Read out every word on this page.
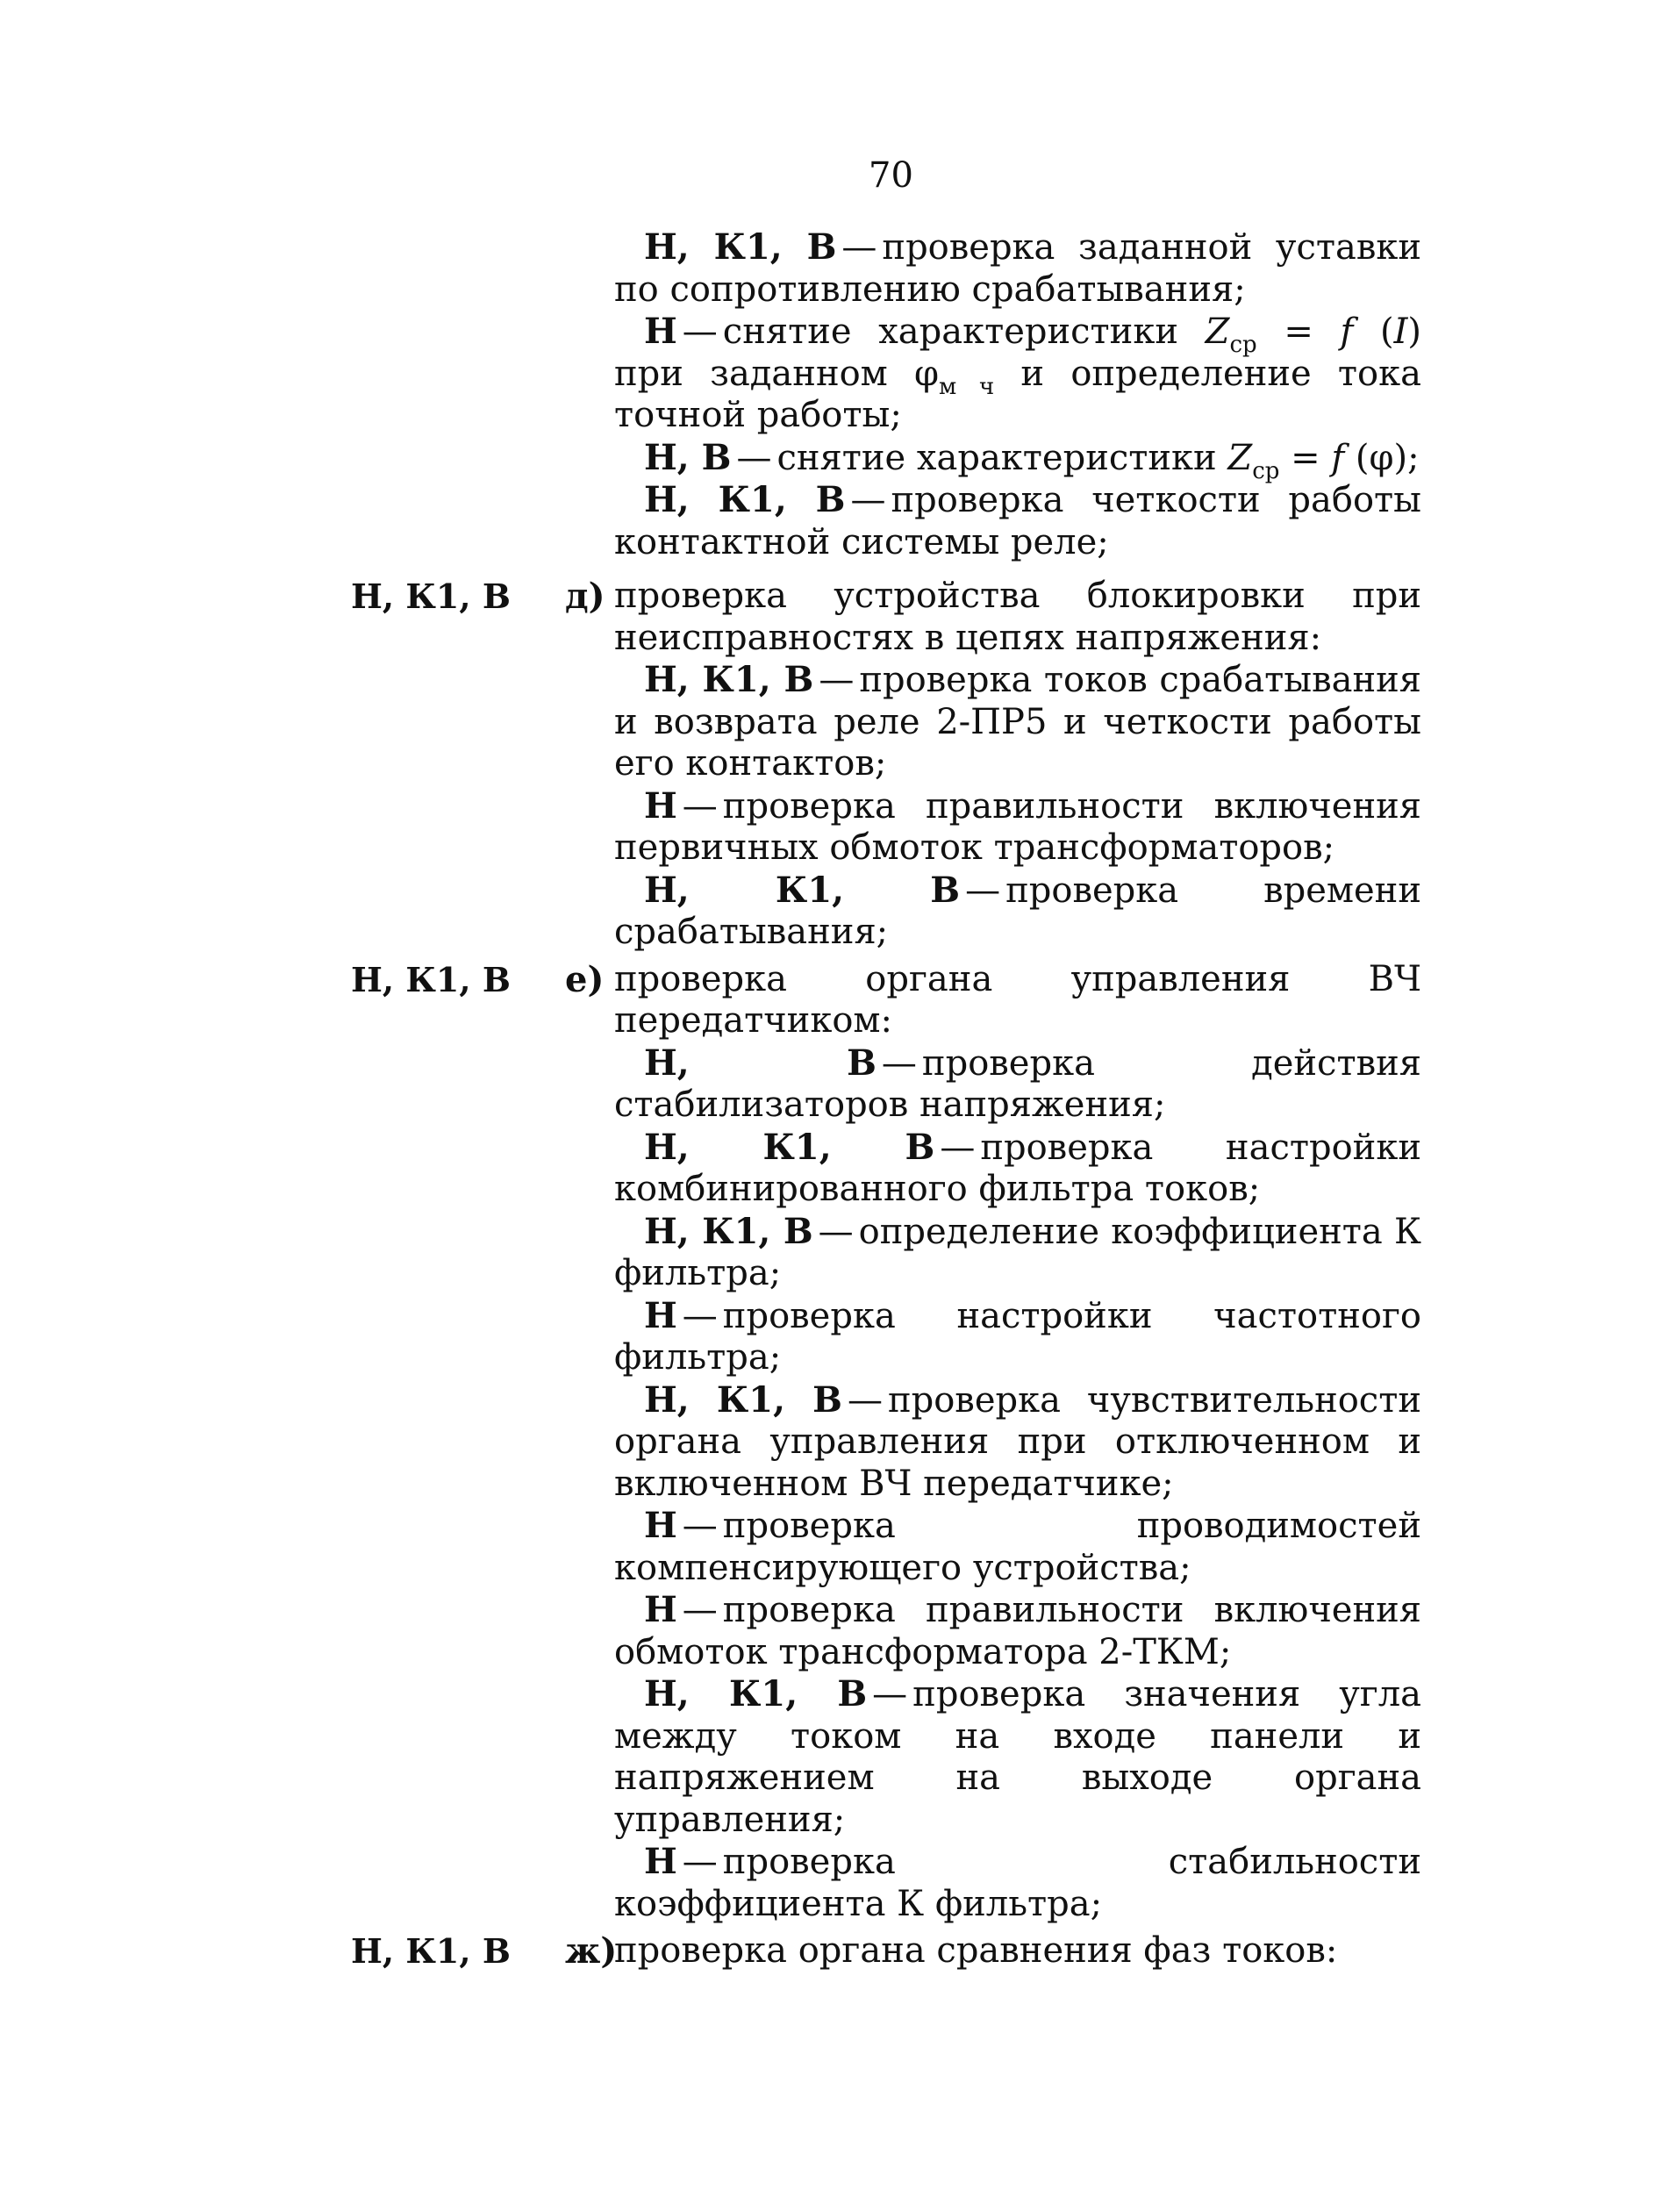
70

Н, К1, В — проверка заданной уставки по сопротивлению срабатывания;

Н — снятие характеристики $Z_{ср} = f$ (I) при заданном $\varphi_{м ч}$ и определение тока точной работы;

Н, В — снятие характеристики $Z_{ср} = f$ (φ);

Н, К1, В — проверка четкости работы контактной системы реле;

Н, К1, В	д) проверка устройства блокировки при неисправностях в цепях напряжения:

Н, К1, В — проверка токов срабатывания и возврата реле 2-ПР5 и четкости работы его контактов;

Н — проверка правильности включения первичных обмоток трансформаторов;

Н, К1, В — проверка времени срабатывания;

Н, К1, В	е) проверка органа управления ВЧ передатчиком:

Н, В — проверка действия стабилизаторов напряжения;

Н, К1, В — проверка настройки комбинированного фильтра токов;

Н, К1, В — определение коэффициента К фильтра;

Н — проверка настройки частотного фильтра;

Н, К1, В — проверка чувствительности органа управления при отключенном и включенном ВЧ передатчике;

Н — проверка проводимостей компенсирующего устройства;

Н — проверка правильности включения обмоток трансформатора 2-ТКМ;

Н, К1, В — проверка значения угла между током на входе панели и напряжением на выходе органа управления;

Н — проверка стабильности коэффициента К фильтра;

Н, К1, В	ж)
проверка органа сравнения фаз токов:
